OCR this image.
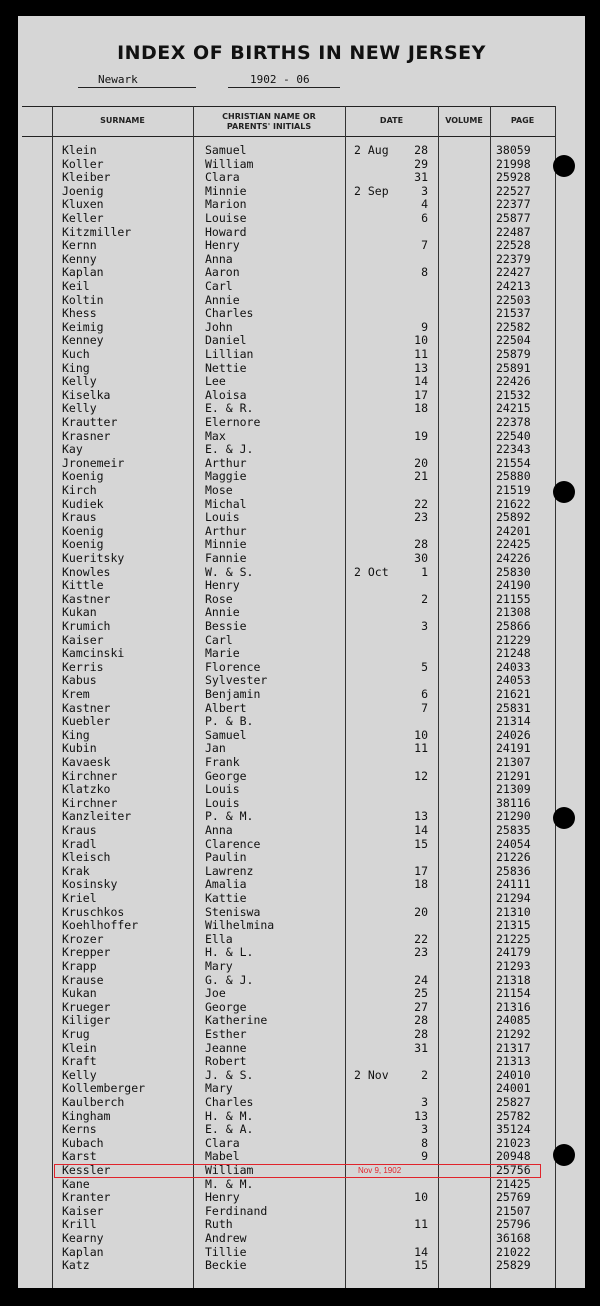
INDEX OF BIRTHS IN NEW JERSEY
Newark	1902 - 06
SURNAME	CHRISTIAN NAME OR PARENTS' INITIALS
DATE	VOLUME	PAGE
Klein	Samuel	2 Aug	28	38059
Koller	William	29	21998
Kleiber	Clara	31	25928
Joenig	Minnie	2 Sep	3	22527
Kluxen	Marion	4	22377
Keller	Louise	6	25877
Kitzmiller	Howard	22487
Kernn	Henry	7	22528
Kenny	Anna	22379
Kaplan	Aaron	8	22427
Keil	Carl	24213
Koltin	Annie	22503
Khess	Charles	21537
Keimig	John	9	22582
Kenney	Daniel	10	22504
Kuch	Lillian	11	25879
King	Nettie	13	25891
Kelly	Lee	14	22426
Kiselka	Aloisa	17	21532
Kelly	E. & R.	18	24215
Krautter	Elernore	22378
Krasner	Max	19	22540
Kay	E. & J.	22343
Jronemeir	Arthur	20	21554
Koenig	Maggie	21	25880
Kirch	Mose	21519
Kudiek	Michal	22	21622
Kraus	Louis	23	25892
Koenig	Arthur	24201
Koenig	Minnie	28	22425
Kueritsky	Fannie	30	24226
Knowles	W. & S.	2 Oct	1	25830
Kittle	Henry	24190
Kastner	Rose	2	21155
Kukan	Annie	21308
Krumich	Bessie	3	25866
Kaiser	Carl	21229
Kamcinski	Marie	21248
Kerris	Florence	5	24033
Kabus	Sylvester	24053
Krem	Benjamin	6	21621
Kastner	Albert	7	25831
Kuebler	P. & B.	21314
King	Samuel	10	24026
Kubin	Jan	11	24191
Kavaesk	Frank	21307
Kirchner	George	12	21291
Klatzko	Louis	21309
Kirchner	Louis	38116
Kanzleiter	P. & M.	13	21290
Kraus	Anna	14	25835
Kradl	Clarence	15	24054
Kleisch	Paulin	21226
Krak	Lawrenz	17	25836
Kosinsky	Amalia	18	24111
Kriel	Kattie	21294
Kruschkos	Steniswa	20	21310
Koehlhoffer	Wilhelmina	21315
Krozer	Ella	22	21225
Krepper	H. & L.	23	24179
Krapp	Mary	21293
Krause	G. & J.	24	21318
Kukan	Joe	25	21154
Krueger	George	27	21316
Kiliger	Katherine	28	24085
Krug	Esther	28	21292
Klein	Jeanne	31	21317
Kraft	Robert	21313
Kelly	J. & S.	2 Nov	2	24010
Kollemberger	Mary	24001
Kaulberch	Charles	3	25827
Kingham	H. & M.	13	25782
Kerns	E. & A.	3	35124
Kubach	Clara	8	21023
Karst	Mabel	9	20948
Kessler	William	25756
Kane	M. & M.	21425
Kranter	Henry	10	25769
Kaiser	Ferdinand	21507
Krill	Ruth	11	25796
Kearny	Andrew	36168
Kaplan	Tillie	14	21022
Katz	Beckie	15	25829
Nov 9, 1902
